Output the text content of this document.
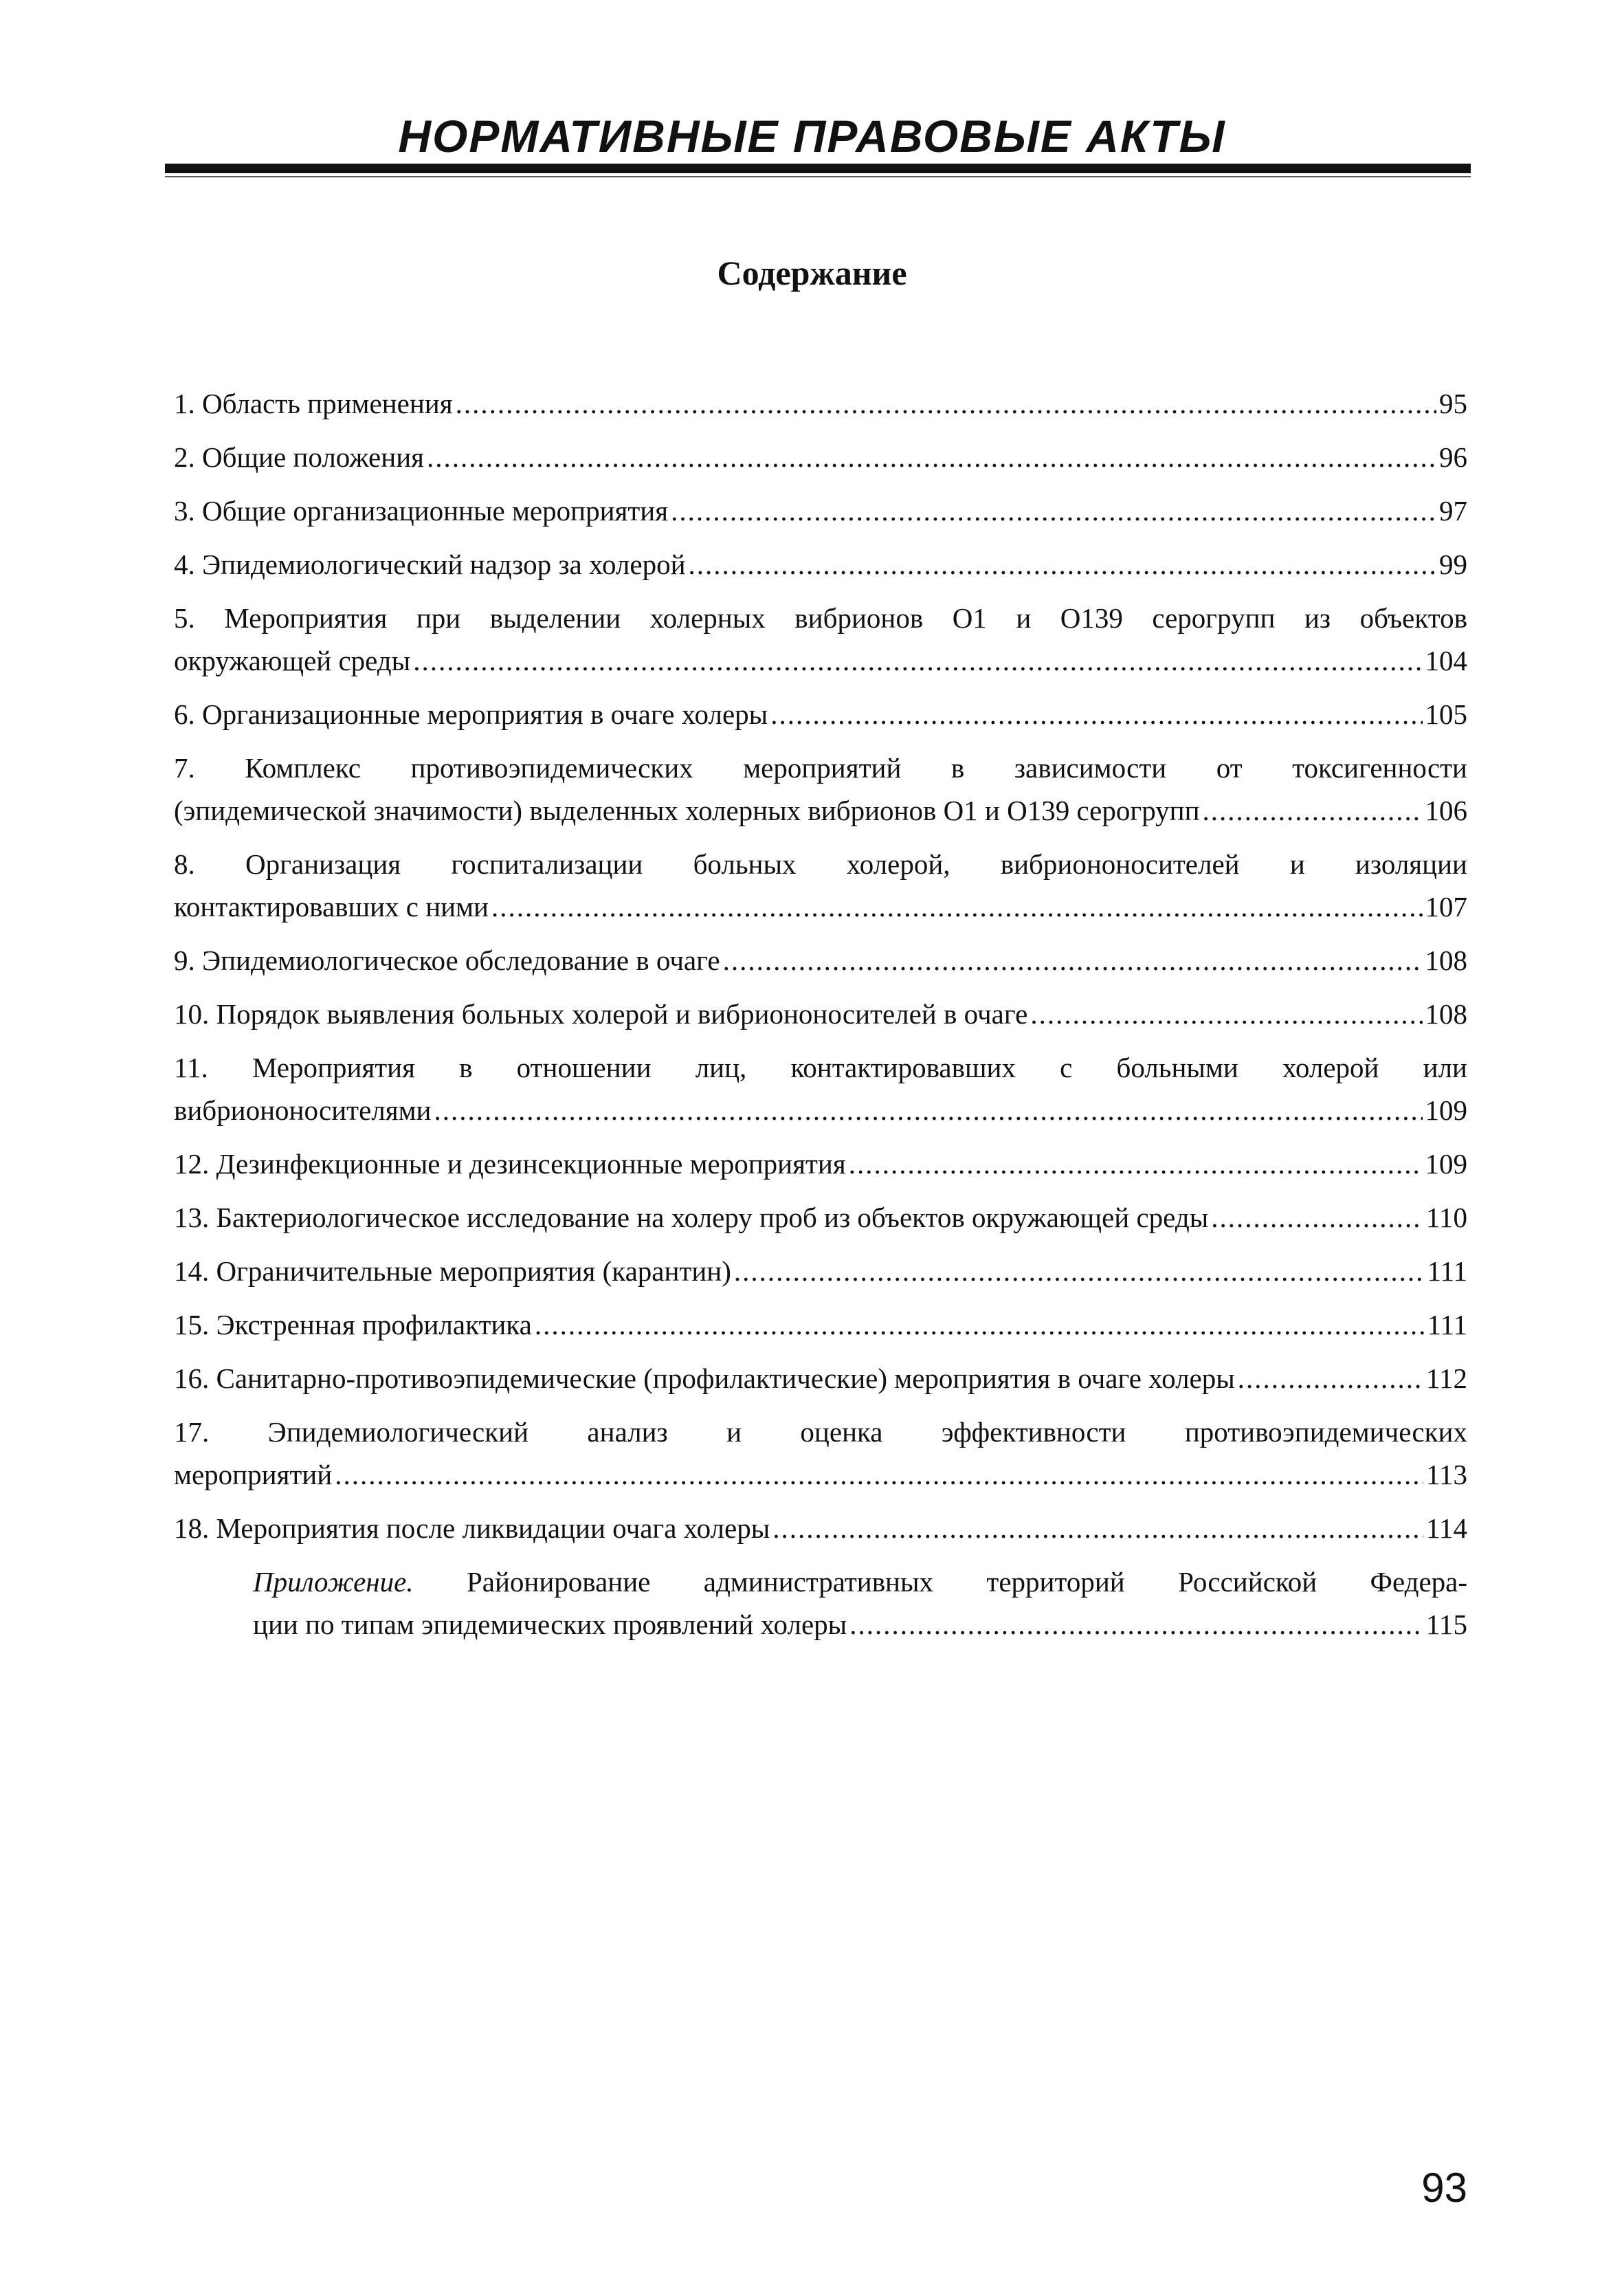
НОРМАТИВНЫЕ ПРАВОВЫЕ АКТЫ
Содержание
1. Область применения .....	95
2. Общие положения .....	96
3. Общие организационные мероприятия .....	97
4. Эпидемиологический надзор за холерой .....	99
5. Мероприятия при выделении холерных вибрионов О1 и О139 серогрупп из объектов
окружающей среды .....	104
6. Организационные мероприятия в очаге холеры .....	105
7. Комплекс противоэпидемических мероприятий в зависимости от токсигенности
(эпидемической значимости) выделенных холерных вибрионов О1 и О139 серогрупп .....	106
8. Организация госпитализации больных холерой, вибриононосителей и изоляции
контактировавших с ними .....	107
9. Эпидемиологическое обследование в очаге .....	108
10. Порядок выявления больных холерой и вибриононосителей в очаге .....	108
11. Мероприятия в отношении лиц, контактировавших с больными холерой или
вибриононосителями .....	109
12. Дезинфекционные и дезинсекционные мероприятия .....	109
13. Бактериологическое исследование на холеру проб из объектов окружающей среды .....	110
14. Ограничительные мероприятия (карантин) .....	111
15. Экстренная профилактика .....	111
16. Санитарно-противоэпидемические (профилактические) мероприятия в очаге холеры .....	112
17. Эпидемиологический анализ и оценка эффективности противоэпидемических
мероприятий .....	113
18. Мероприятия после ликвидации очага холеры .....	114
Приложение. Районирование административных территорий Российской Федера-
ции по типам эпидемических проявлений холеры .....	115
93
